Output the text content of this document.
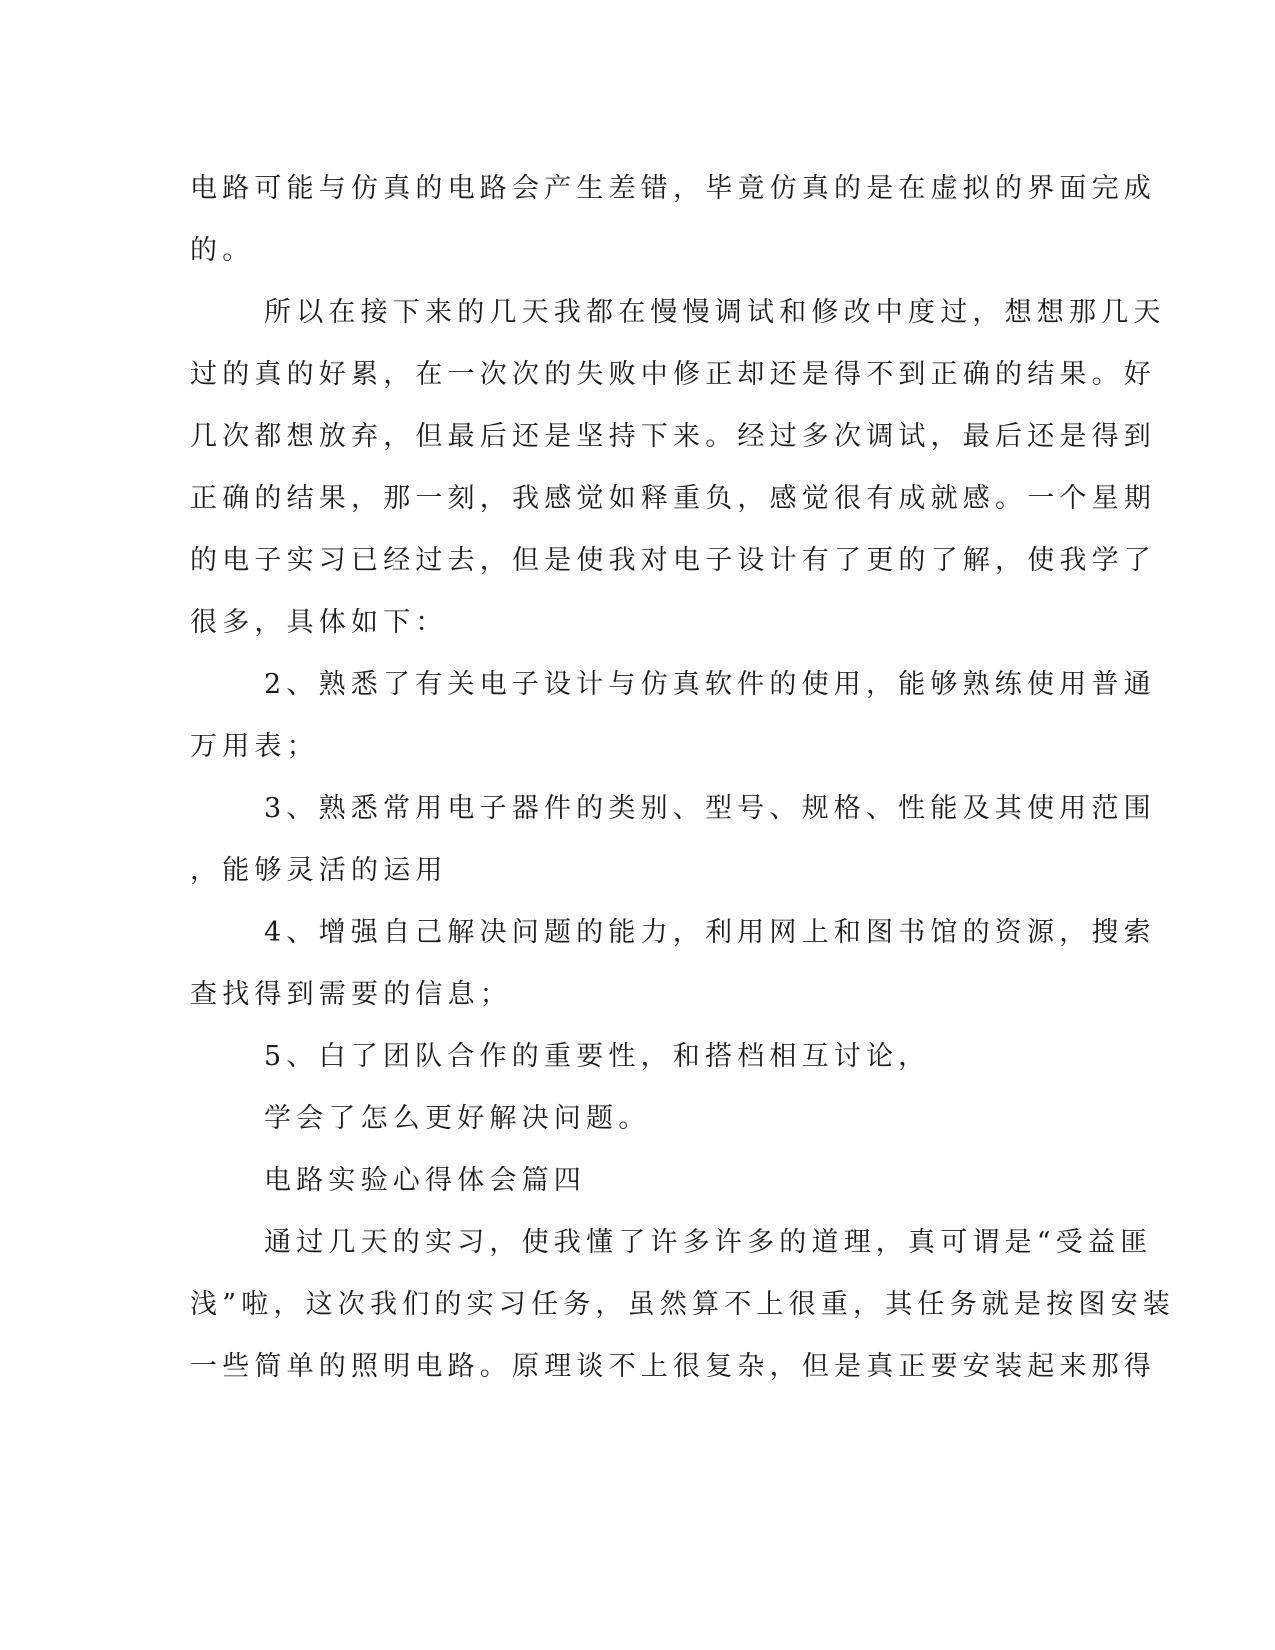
电路可能与仿真的电路会产生差错，毕竟仿真的是在虚拟的界面完成
的。
所以在接下来的几天我都在慢慢调试和修改中度过，想想那几天
过的真的好累，在一次次的失败中修正却还是得不到正确的结果。好
几次都想放弃，但最后还是坚持下来。经过多次调试，最后还是得到
正确的结果，那一刻，我感觉如释重负，感觉很有成就感。一个星期
的电子实习已经过去，但是使我对电子设计有了更的了解，使我学了
很多，具体如下：
2、熟悉了有关电子设计与仿真软件的使用，能够熟练使用普通
万用表；
3、熟悉常用电子器件的类别、型号、规格、性能及其使用范围
，能够灵活的运用
4、增强自己解决问题的能力，利用网上和图书馆的资源，搜索
查找得到需要的信息；
5、白了团队合作的重要性，和搭档相互讨论，
学会了怎么更好解决问题。
电路实验心得体会篇四
通过几天的实习，使我懂了许多许多的道理，真可谓是“受益匪
浅”啦，这次我们的实习任务，虽然算不上很重，其任务就是按图安装
一些简单的照明电路。原理谈不上很复杂，但是真正要安装起来那得
